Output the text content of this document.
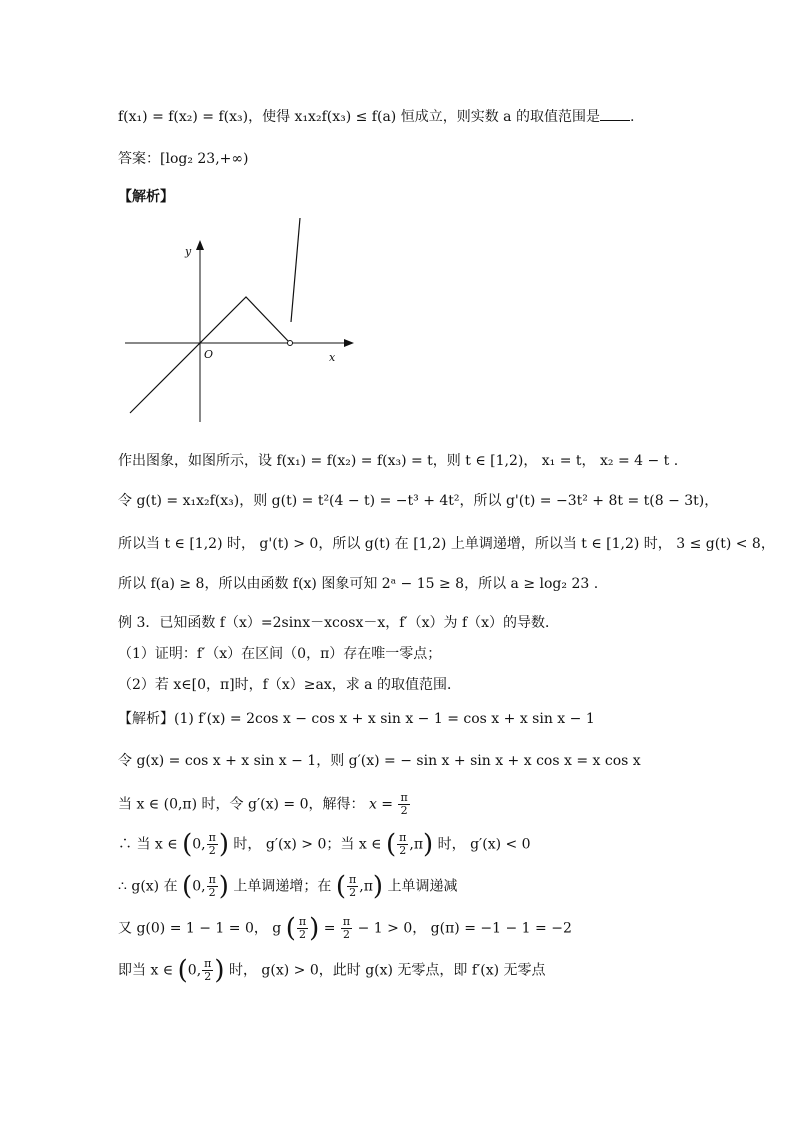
f(x₁) = f(x₂) = f(x₃)，使得 x₁x₂f(x₃) ≤ f(a) 恒成立，则实数 a 的取值范围是 .
答案：[log₂ 23,+∞)
【解析】
y
x
O
作出图象，如图所示，设 f(x₁) = f(x₂) = f(x₃) = t，则 t ∈ [1,2)， x₁ = t， x₂ = 4 − t .
令 g(t) = x₁x₂f(x₃)，则 g(t) = t²(4 − t) = −t³ + 4t²，所以 g'(t) = −3t² + 8t = t(8 − 3t)，
所以当 t ∈ [1,2) 时， g'(t) > 0，所以 g(t) 在 [1,2) 上单调递增，所以当 t ∈ [1,2) 时， 3 ≤ g(t) < 8，
所以 f(a) ≥ 8，所以由函数 f(x) 图象可知 2ᵃ − 15 ≥ 8，所以 a ≥ log₂ 23 .
例 3．已知函数 f（x）=2sinx－xcosx－x，f′（x）为 f（x）的导数．
（1）证明：f′（x）在区间（0，π）存在唯一零点；
（2）若 x∈[0，π]时，f（x）≥ax，求 a 的取值范围．
【解析】(1) f′(x) = 2cos x − cos x + x sin x − 1 = cos x + x sin x − 1
令 g(x) = cos x + x sin x − 1，则 g′(x) = − sin x + sin x + x cos x = x cos x
当 x ∈ (0,π) 时，令 g′(x) = 0，解得： $x = \frac{\pi}{2}$
∴ 当 x ∈ (0, $\frac{\pi}{2}$ ) 时， g′(x) > 0；当 x ∈ ( $\frac{\pi}{2} ,\pi$) 时， g′(x) < 0
∴ g(x) 在 (0, $\frac{\pi}{2}$ ) 上单调递增；在 ( $\frac{\pi}{2} ,\pi$) 上单调递减
又 g(0) = 1 − 1 = 0， g ( $\frac{\pi}{2}$ ) = $\frac{\pi}{2} - 1 > 0$， g(π) = −1 − 1 = −2
即当 x ∈ (0, $\frac{\pi}{2}$ ) 时， g(x) > 0，此时 g(x) 无零点，即 f′(x) 无零点
